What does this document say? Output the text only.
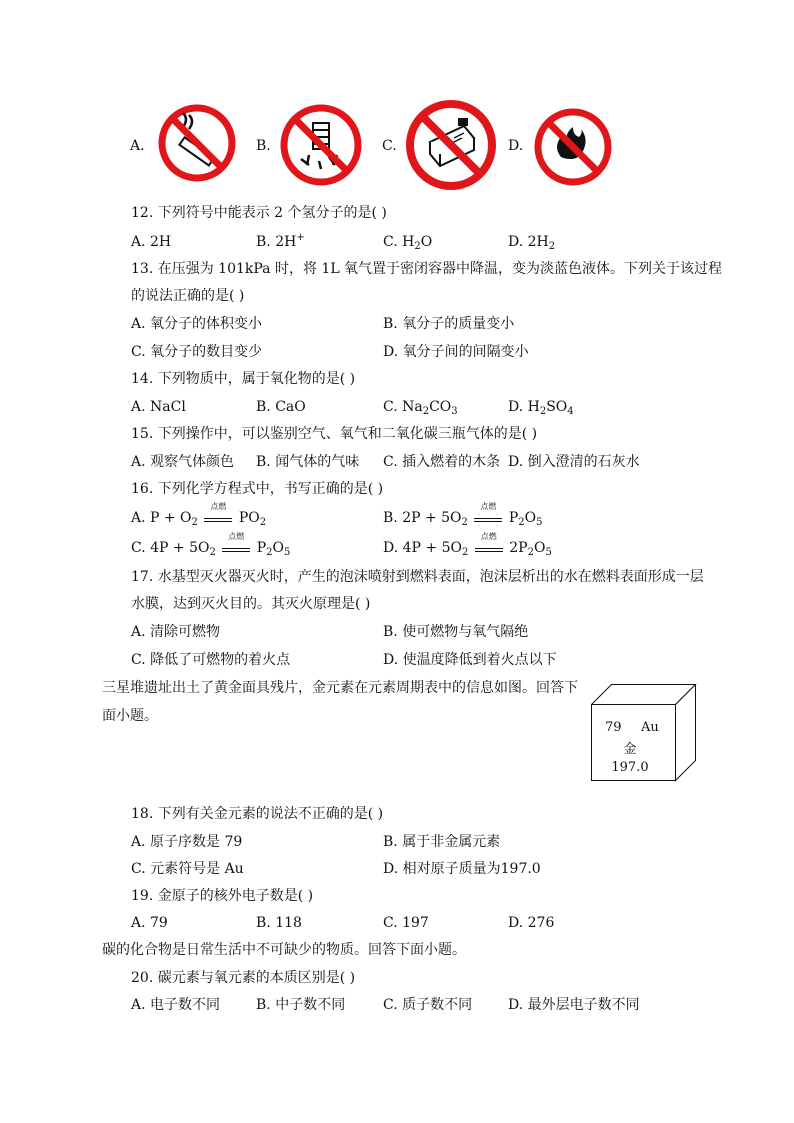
A.	B.	C.	D.
12. 下列符号中能表示 2 个氢分子的是( )
A. 2H	B. 2H+	C. $H_2O$	D. $2H_2$
13. 在压强为 101kPa 时，将 1L 氧气置于密闭容器中降温，变为淡蓝色液体。下列关于该过程
的说法正确的是( )
A. 氧分子的体积变小	B. 氧分子的质量变小
C. 氧分子的数目变少	D. 氧分子间的间隔变小
14. 下列物质中，属于氧化物的是( )
A. NaCl	B. CaO	C. $Na_2CO_3$	D. $H_2SO_4$
15. 下列操作中，可以鉴别空气、氧气和二氧化碳三瓶气体的是( )
A. 观察气体颜色 B. 闻气体的气味 C. 插入燃着的木条 D. 倒入澄清的石灰水
16. 下列化学方程式中，书写正确的是( )
A. $P + O_2$
点燃
$PO_2$	B. $2P + 5O_2$
点燃
$P_2O_5$
C. $4P + 5O_2$
点燃
$P_2O_5$	D. $4P + 5O_2$
点燃
$2P_2O_5$
17. 水基型灭火器灭火时，产生的泡沫喷射到燃料表面，泡沫层析出的水在燃料表面形成一层
水膜，达到灭火目的。其灭火原理是( )
A. 清除可燃物	B. 使可燃物与氧气隔绝
C. 降低了可燃物的着火点	D. 使温度降低到着火点以下
三星堆遗址出土了黄金面具残片，金元素在元素周期表中的信息如图。回答下
面小题。
79 Au
金
197.0
18. 下列有关金元素的说法不正确的是( )
A. 原子序数是 79	B. 属于非金属元素
C. 元素符号是 Au	D. 相对原子质量为197.0
19. 金原子的核外电子数是( )
A. 79	B. 118	C. 197	D. 276
碳的化合物是日常生活中不可缺少的物质。回答下面小题。
20. 碳元素与氧元素的本质区别是( )
A. 电子数不同	B. 中子数不同	C. 质子数不同	D. 最外层电子数不同
